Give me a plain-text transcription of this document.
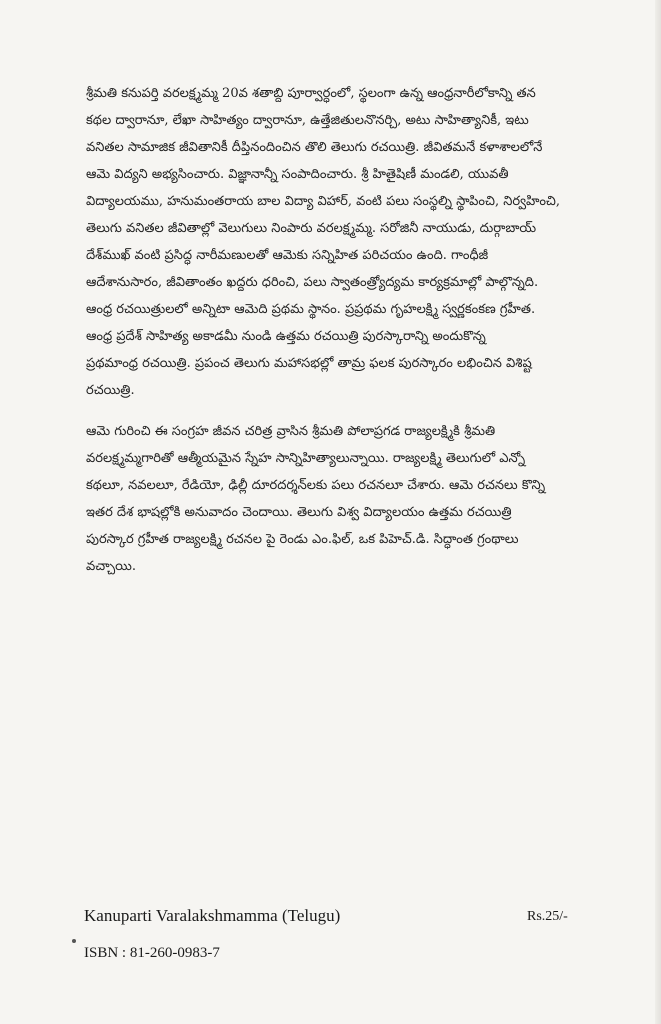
శ్రీమతి కనుపర్తి వరలక్ష్మమ్మ 20వ శతాబ్ది పూర్వార్ధంలో, స్థలంగా ఉన్న ఆంధ్రనారీలోకాన్ని తన
కథల ద్వారానూ, లేఖా సాహిత్యం ద్వారానూ, ఉత్తేజితులనొనర్చి, అటు సాహిత్యానికీ, ఇటు
వనితల సామాజిక జీవితానికీ దీప్తినందించిన తొలి తెలుగు రచయిత్రి. జీవితమనే కళాశాలలోనే
ఆమె విద్యని అభ్యసించారు. విజ్ఞానాన్నీ సంపాదించారు. శ్రీ హితైషిణీ మండలి, యువతీ
విద్యాలయము, హనుమంతరాయ బాల విద్యా విహార్, వంటి పలు సంస్థల్ని స్థాపించి, నిర్వహించి,
తెలుగు వనితల జీవితాల్లో వెలుగులు నింపారు వరలక్ష్మమ్మ. సరోజినీ నాయుడు, దుర్గాబాయ్
దేశ్‌ముఖ్ వంటి ప్రసిద్ధ నారీమణులతో ఆమెకు సన్నిహిత పరిచయం ఉంది. గాంధీజీ
ఆదేశానుసారం, జీవితాంతం ఖద్దరు ధరించి, పలు స్వాతంత్ర్యోద్యమ కార్యక్రమాల్లో పాల్గొన్నది.
ఆంధ్ర రచయిత్రులలో అన్నిటా ఆమెది ప్రథమ స్థానం. ప్రప్రథమ గృహలక్ష్మి స్వర్ణకంకణ గ్రహీత.
ఆంధ్ర ప్రదేశ్ సాహిత్య అకాడమీ నుండి ఉత్తమ రచయిత్రి పురస్కారాన్ని అందుకొన్న
ప్రథమాంధ్ర రచయిత్రి. ప్రపంచ తెలుగు మహాసభల్లో తామ్ర ఫలక పురస్కారం లభించిన విశిష్ట
రచయిత్రి.

ఆమె గురించి ఈ సంగ్రహ జీవన చరిత్ర వ్రాసిన శ్రీమతి పోలాప్రగడ రాజ్యలక్ష్మికి శ్రీమతి
వరలక్ష్మమ్మగారితో ఆత్మీయమైన స్నేహ సాన్నిహిత్యాలున్నాయి. రాజ్యలక్ష్మి తెలుగులో ఎన్నో
కథలూ, నవలలూ, రేడియో, ఢిల్లీ దూరదర్శన్‌లకు పలు రచనలూ చేశారు. ఆమె రచనలు కొన్ని
ఇతర దేశ భాషల్లోకి అనువాదం చెందాయి. తెలుగు విశ్వ విద్యాలయం ఉత్తమ రచయిత్రి
పురస్కార గ్రహీత రాజ్యలక్ష్మి రచనల పై రెండు ఎం.ఫిల్, ఒక పిహెచ్.డి. సిద్ధాంత గ్రంథాలు
వచ్చాయి.

Kanuparti Varalakshmamma (Telugu)	Rs.25/-
ISBN : 81-260-0983-7
